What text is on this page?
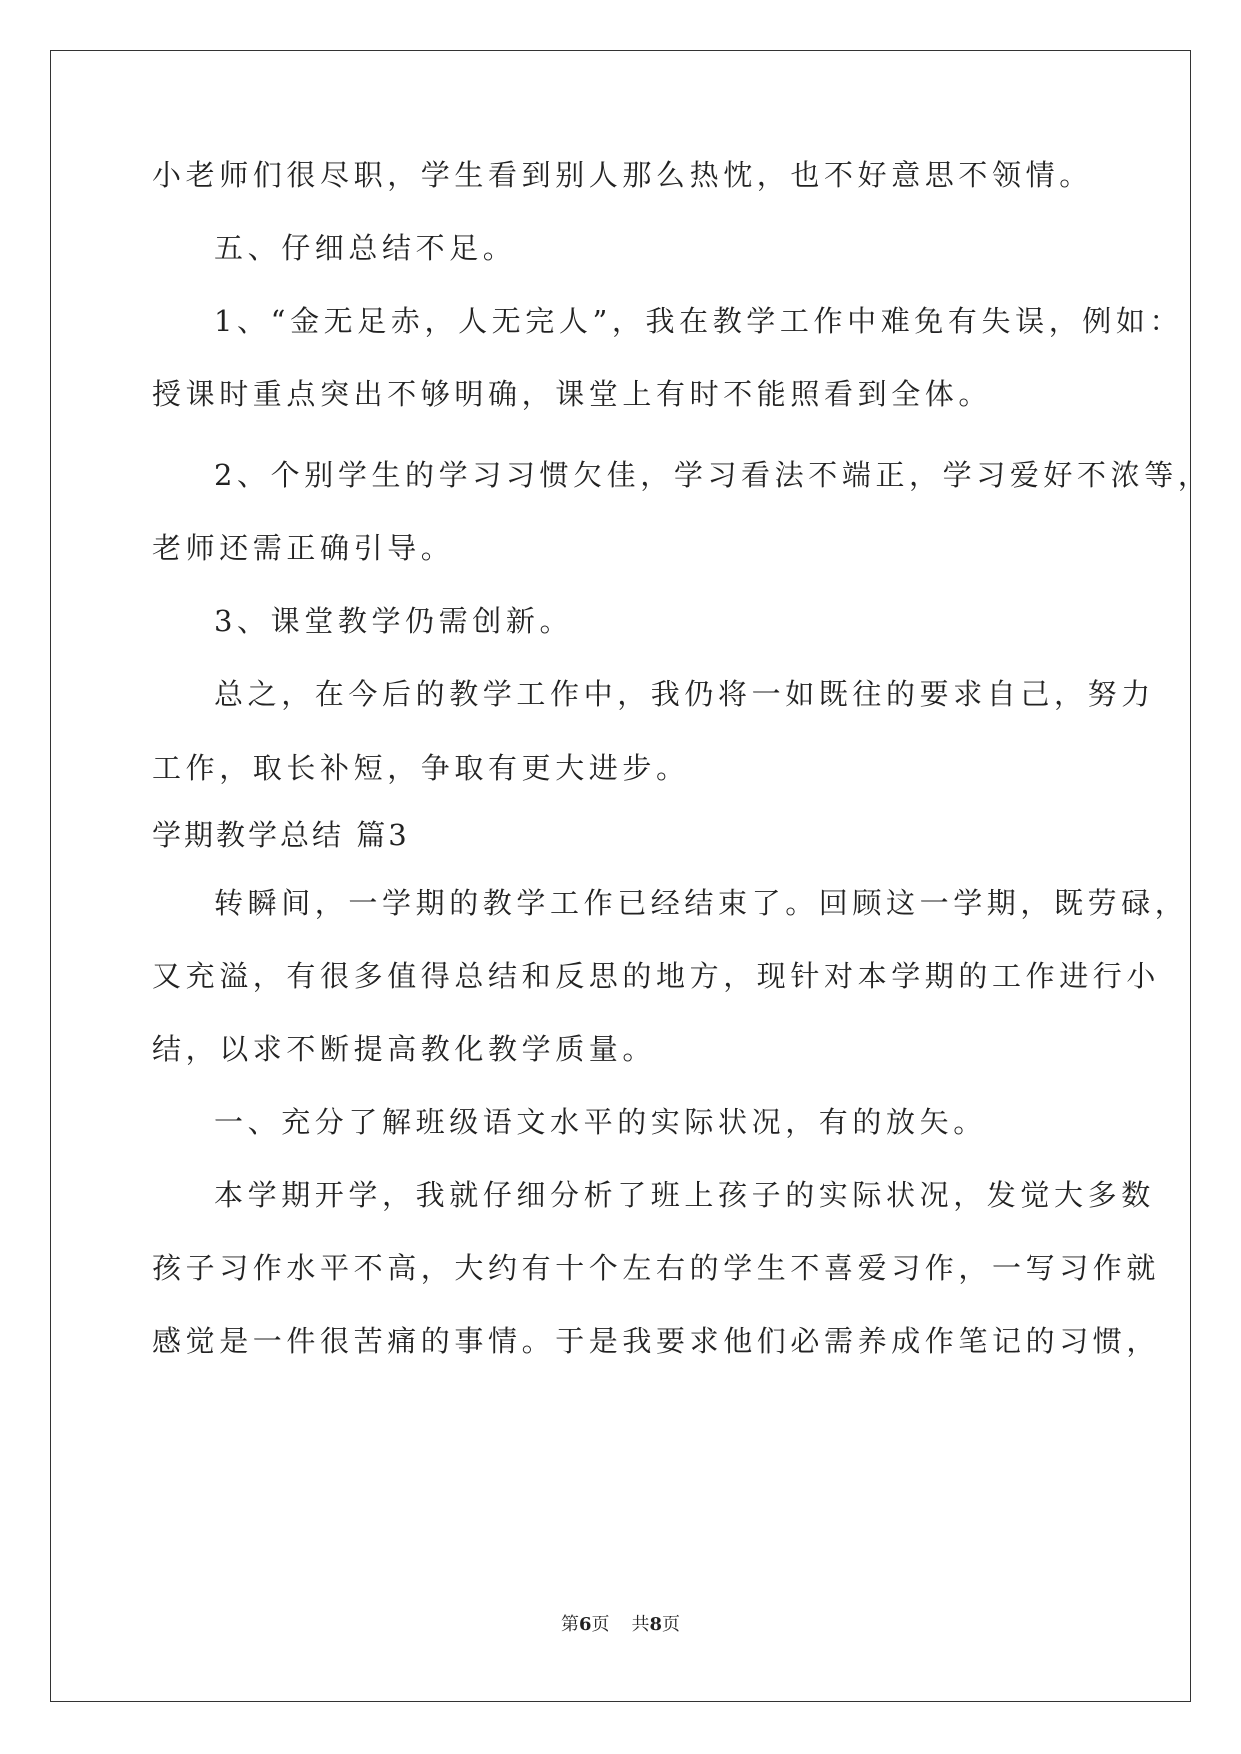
小老师们很尽职，学生看到别人那么热忱，也不好意思不领情。
五、仔细总结不足。
1、“金无足赤，人无完人”，我在教学工作中难免有失误，例如：
授课时重点突出不够明确，课堂上有时不能照看到全体。
2、个别学生的学习习惯欠佳，学习看法不端正，学习爱好不浓等，
老师还需正确引导。
3、课堂教学仍需创新。
总之，在今后的教学工作中，我仍将一如既往的要求自己，努力
工作，取长补短，争取有更大进步。
学期教学总结 篇3
转瞬间，一学期的教学工作已经结束了。回顾这一学期，既劳碌，
又充溢，有很多值得总结和反思的地方，现针对本学期的工作进行小
结，以求不断提高教化教学质量。
一、充分了解班级语文水平的实际状况，有的放矢。
本学期开学，我就仔细分析了班上孩子的实际状况，发觉大多数
孩子习作水平不高，大约有十个左右的学生不喜爱习作，一写习作就
感觉是一件很苦痛的事情。于是我要求他们必需养成作笔记的习惯，
第6页 共8页
